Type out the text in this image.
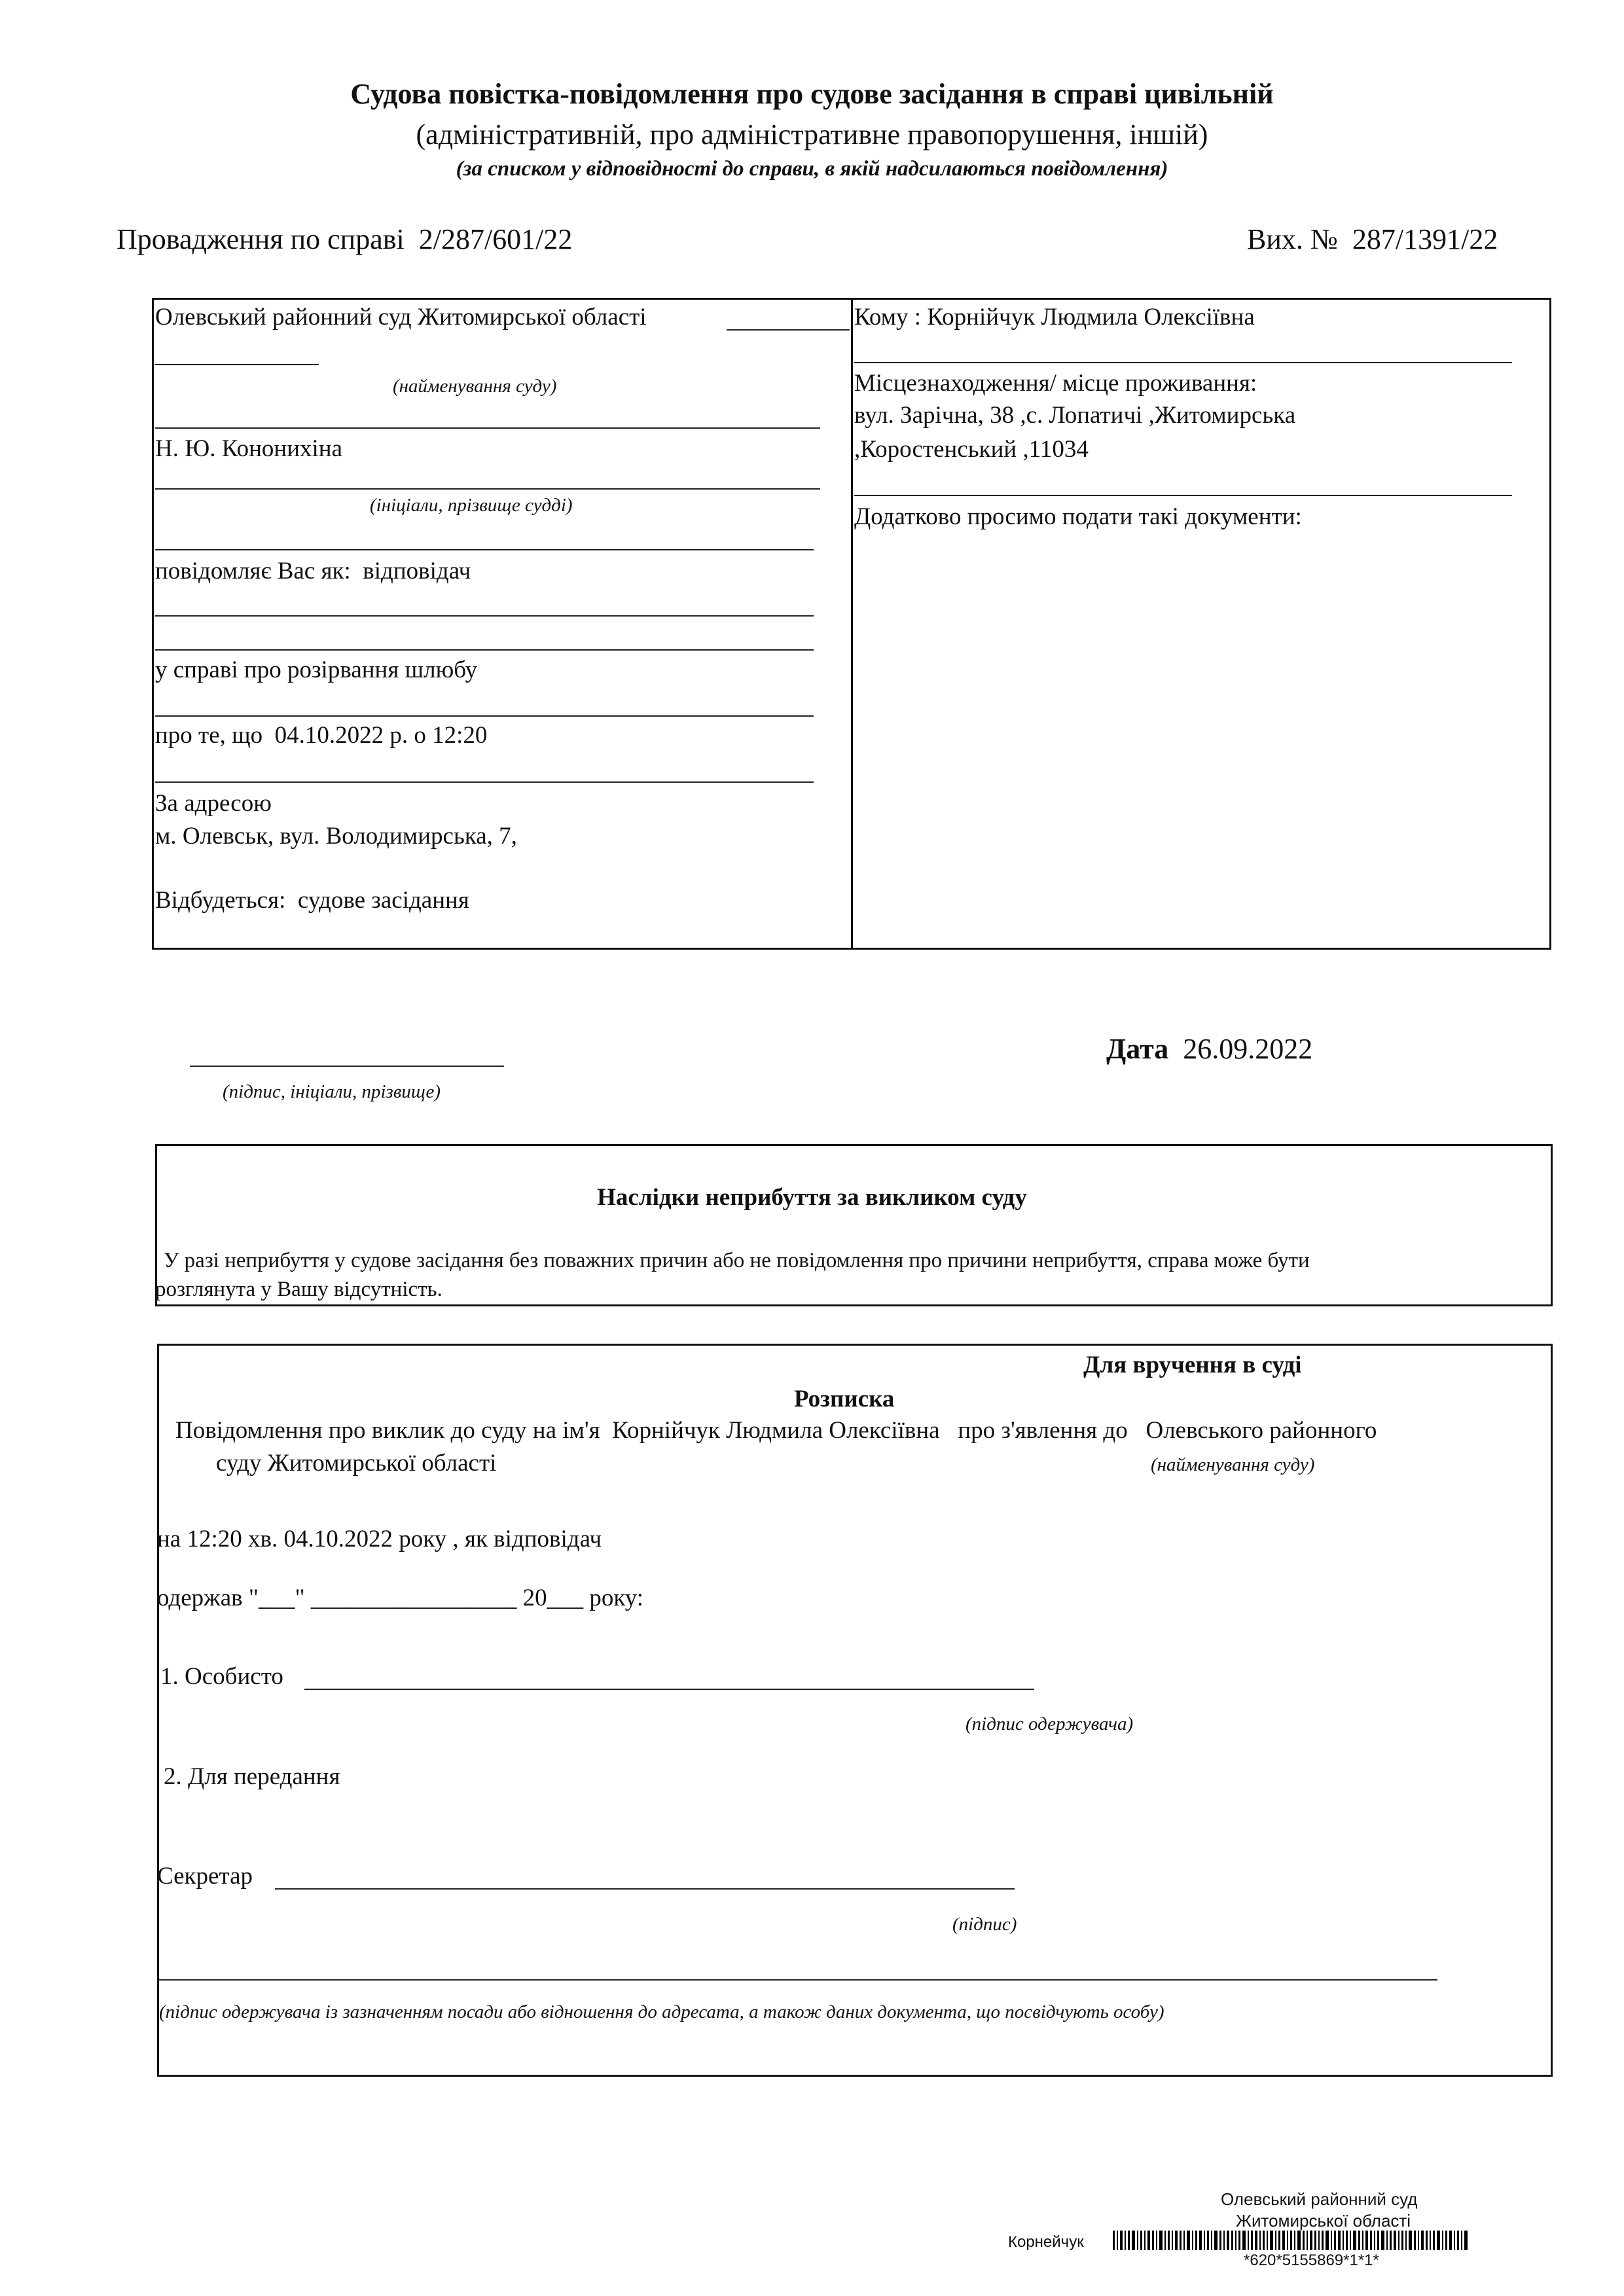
Судова повістка-повідомлення про судове засідання в справі цивільній
(адміністративній, про адміністративне правопорушення, іншій)
(за списком у відповідності до справи, в якій надсилаються повідомлення)
Провадження по справі 2/287/601/22	Вих. № 287/1391/22
Олевський районний суд Житомирської області
(найменування суду)
Н. Ю. Кононихіна
(ініціали, прізвище судді)
повідомляє Вас як: відповідач
у справі про розірвання шлюбу
про те, що 04.10.2022 р. о 12:20
За адресою
м. Олевськ, вул. Володимирська, 7,
Відбудеться: судове засідання
Кому : Корнійчук Людмила Олексіївна
Місцезнаходження/ місце проживання:
вул. Зарічна, 38 ,с. Лопатичі ,Житомирська
,Коростенський ,11034
Додатково просимо подати такі документи:
(підпис, ініціали, прізвище)
Дата 26.09.2022
Наслідки неприбуття за викликом суду
У разі неприбуття у судове засідання без поважних причин або не повідомлення про причини неприбуття, справа може бути
розглянута у Вашу відсутність.
Для вручення в суді
Розписка
Повідомлення про виклик до суду на ім'я Корнійчук Людмила Олексіївна про з'явлення до Олевського районного
суду Житомирської області	(найменування суду)
на 12:20 хв. 04.10.2022 року , як відповідач
одержав "___" _________________ 20___ року:
1. Особисто
(підпис одержувача)
2. Для передання
Секретар
(підпис)
(підпис одержувача із зазначенням посади або відношення до адресата, а також даних документа, що посвідчують особу)
Олевський районний суд
Житомирської області
Корнейчук
*620*5155869*1*1*
